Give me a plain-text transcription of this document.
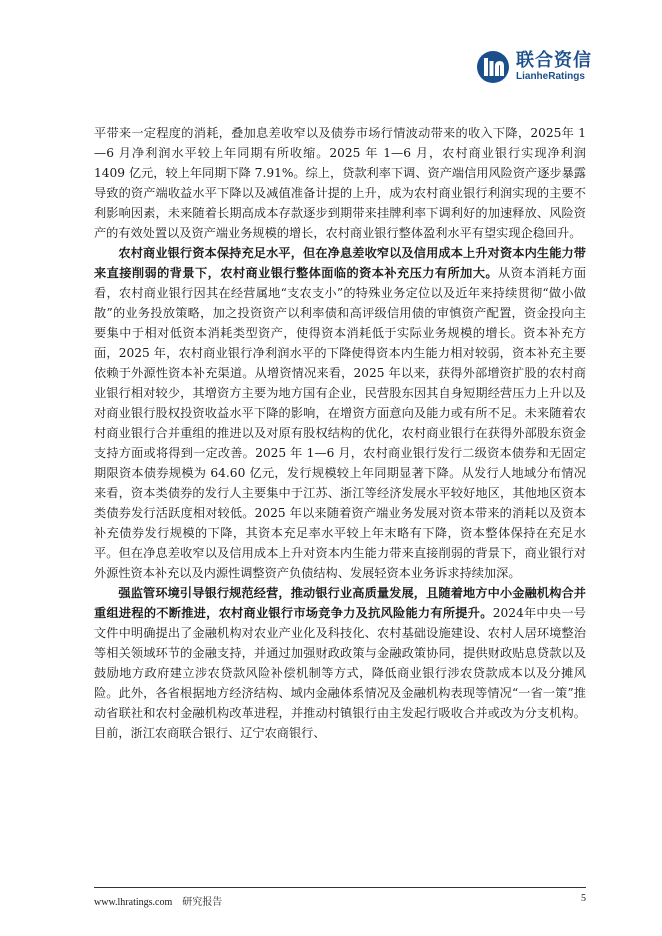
联合资信
LianheRatings

平带来一定程度的消耗，叠加息差收窄以及债券市场行情波动带来的收入下降，2025年 1—6 月净利润水平较上年同期有所收缩。2025 年 1—6 月，农村商业银行实现净利润 1409 亿元，较上年同期下降 7.91%。综上，贷款利率下调、资产端信用风险资产逐步暴露导致的资产端收益水平下降以及减值准备计提的上升，成为农村商业银行利润实现的主要不利影响因素，未来随着长期高成本存款逐步到期带来挂牌利率下调利好的加速释放、风险资产的有效处置以及资产端业务规模的增长，农村商业银行整体盈利水平有望实现企稳回升。

农村商业银行资本保持充足水平，但在净息差收窄以及信用成本上升对资本内生能力带来直接削弱的背景下，农村商业银行整体面临的资本补充压力有所加大。从资本消耗方面看，农村商业银行因其在经营属地“支农支小”的特殊业务定位以及近年来持续贯彻“做小做散”的业务投放策略，加之投资资产以利率债和高评级信用债的审慎资产配置，资金投向主要集中于相对低资本消耗类型资产，使得资本消耗低于实际业务规模的增长。资本补充方面，2025 年，农村商业银行净利润水平的下降使得资本内生能力相对较弱，资本补充主要依赖于外源性资本补充渠道。从增资情况来看，2025 年以来，获得外部增资扩股的农村商业银行相对较少，其增资方主要为地方国有企业，民营股东因其自身短期经营压力上升以及对商业银行股权投资收益水平下降的影响，在增资方面意向及能力或有所不足。未来随着农村商业银行合并重组的推进以及对原有股权结构的优化，农村商业银行在获得外部股东资金支持方面或将得到一定改善。2025 年 1—6 月，农村商业银行发行二级资本债券和无固定期限资本债券规模为 64.60 亿元，发行规模较上年同期显著下降。从发行人地域分布情况来看，资本类债券的发行人主要集中于江苏、浙江等经济发展水平较好地区，其他地区资本类债券发行活跃度相对较低。2025 年以来随着资产端业务发展对资本带来的消耗以及资本补充债券发行规模的下降，其资本充足率水平较上年末略有下降，资本整体保持在充足水平。但在净息差收窄以及信用成本上升对资本内生能力带来直接削弱的背景下，商业银行对外源性资本补充以及内源性调整资产负债结构、发展轻资本业务诉求持续加深。

强监管环境引导银行规范经营，推动银行业高质量发展，且随着地方中小金融机构合并重组进程的不断推进，农村商业银行市场竞争力及抗风险能力有所提升。2024年中央一号文件中明确提出了金融机构对农业产业化及科技化、农村基础设施建设、农村人居环境整治等相关领域环节的金融支持，并通过加强财政政策与金融政策协同，提供财政贴息贷款以及鼓励地方政府建立涉农贷款风险补偿机制等方式，降低商业银行涉农贷款成本以及分摊风险。此外，各省根据地方经济结构、域内金融体系情况及金融机构表现等情况“一省一策”推动省联社和农村金融机构改革进程，并推动村镇银行由主发起行吸收合并或改为分支机构。目前，浙江农商联合银行、辽宁农商银行、

www.lhratings.com 研究报告	5
